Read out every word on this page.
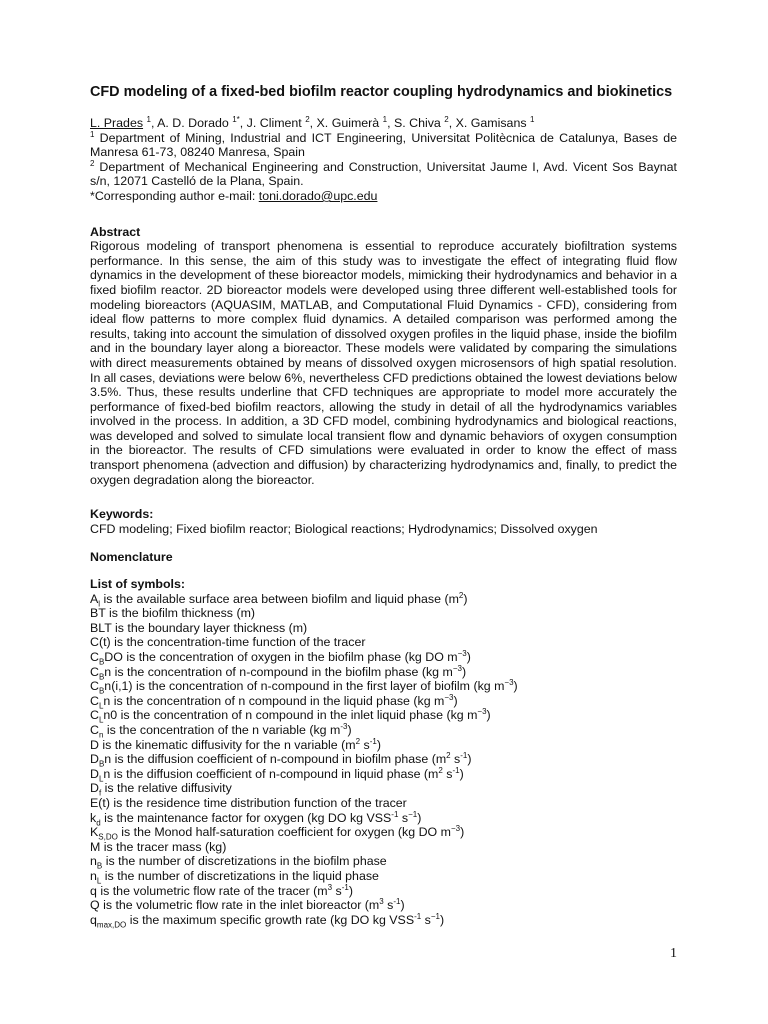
CFD modeling of a fixed-bed biofilm reactor coupling hydrodynamics and biokinetics

L. Prades $^1$, A. D. Dorado $^{1*}$, J. Climent $^2$, X. Guimerà $^1$, S. Chiva $^2$, X. Gamisans $^1$

$^1$ Department of Mining, Industrial and ICT Engineering, Universitat Politècnica de Catalunya, Bases de Manresa 61-73, 08240 Manresa, Spain

$^2$ Department of Mechanical Engineering and Construction, Universitat Jaume I, Avd. Vicent Sos Baynat s/n, 12071 Castelló de la Plana, Spain.

*Corresponding author e-mail: toni.dorado@upc.edu

Abstract

Rigorous modeling of transport phenomena is essential to reproduce accurately biofiltration systems performance. In this sense, the aim of this study was to investigate the effect of integrating fluid flow dynamics in the development of these bioreactor models, mimicking their hydrodynamics and behavior in a fixed biofilm reactor. 2D bioreactor models were developed using three different well-established tools for modeling bioreactors (AQUASIM, MATLAB, and Computational Fluid Dynamics - CFD), considering from ideal flow patterns to more complex fluid dynamics. A detailed comparison was performed among the results, taking into account the simulation of dissolved oxygen profiles in the liquid phase, inside the biofilm and in the boundary layer along a bioreactor. These models were validated by comparing the simulations with direct measurements obtained by means of dissolved oxygen microsensors of high spatial resolution. In all cases, deviations were below 6%, nevertheless CFD predictions obtained the lowest deviations below 3.5%. Thus, these results underline that CFD techniques are appropriate to model more accurately the performance of fixed-bed biofilm reactors, allowing the study in detail of all the hydrodynamics variables involved in the process. In addition, a 3D CFD model, combining hydrodynamics and biological reactions, was developed and solved to simulate local transient flow and dynamic behaviors of oxygen consumption in the bioreactor. The results of CFD simulations were evaluated in order to know the effect of mass transport phenomena (advection and diffusion) by characterizing hydrodynamics and, finally, to predict the oxygen degradation along the bioreactor.

Keywords:

CFD modeling; Fixed biofilm reactor; Biological reactions; Hydrodynamics; Dissolved oxygen

Nomenclature
List of symbols:
$A_l$ is the available surface area between biofilm and liquid phase $(m^2)$
BT is the biofilm thickness (m)
BLT is the boundary layer thickness (m)
C(t) is the concentration-time function of the tracer
$C_BDO$ is the concentration of oxygen in the biofilm phase (kg DO $m^{-3}$)
$C_Bn$ is the concentration of n-compound in the biofilm phase (kg $m^{-3}$)
$C_Bn(i,1)$ is the concentration of n-compound in the first layer of biofilm (kg $m^{-3}$)
$C_Ln$ is the concentration of n compound in the liquid phase (kg $m^{-3}$)
$C_Ln0$ is the concentration of n compound in the inlet liquid phase (kg $m^{-3}$)
$C_n$ is the concentration of the n variable (kg $m^{-3}$)
D is the kinematic diffusivity for the n variable ($m^2$ $s^{-1}$)
$D_Bn$ is the diffusion coefficient of n-compound in biofilm phase ($m^2$ $s^{-1}$)
$D_Ln$ is the diffusion coefficient of n-compound in liquid phase ($m^2$ $s^{-1}$)
$D_f$ is the relative diffusivity
E(t) is the residence time distribution function of the tracer
$k_d$ is the maintenance factor for oxygen (kg DO kg $VSS^{-1}$ $s^{-1}$)
$K_{S,DO}$ is the Monod half-saturation coefficient for oxygen (kg DO $m^{-3}$)
M is the tracer mass (kg)
$n_B$ is the number of discretizations in the biofilm phase
$n_L$ is the number of discretizations in the liquid phase
q is the volumetric flow rate of the tracer ($m^3$ $s^{-1}$)
Q is the volumetric flow rate in the inlet bioreactor ($m^3$ $s^{-1}$)
$q_{max,DO}$ is the maximum specific growth rate (kg DO kg $VSS^{-1}$ $s^{-1}$)
1
